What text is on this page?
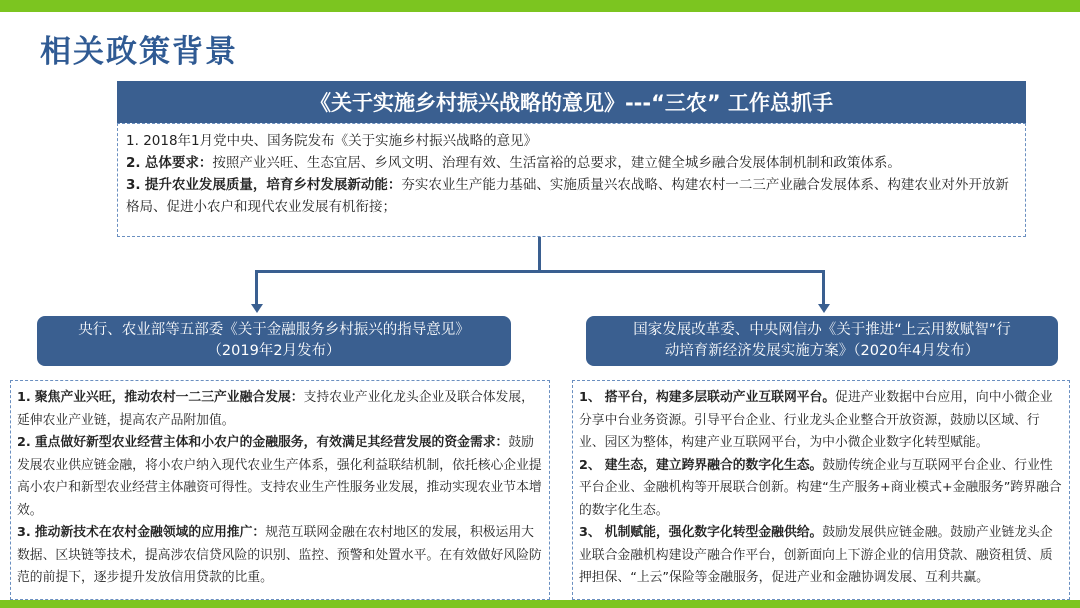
相关政策背景
《关于实施乡村振兴战略的意见》---“三农” 工作总抓手
1. 2018年1月党中央、国务院发布《关于实施乡村振兴战略的意见》
2. 总体要求：按照产业兴旺、生态宜居、乡风文明、治理有效、生活富裕的总要求，建立健全城乡融合发展体制机制和政策体系。
3. 提升农业发展质量，培育乡村发展新动能：夯实农业生产能力基础、实施质量兴农战略、构建农村一二三产业融合发展体系、构建农业对外开放新格局、促进小农户和现代农业发展有机衔接；
央行、农业部等五部委《关于金融服务乡村振兴的指导意见》
（2019年2月发布）
1. 聚焦产业兴旺，推动农村一二三产业融合发展：支持农业产业化龙头企业及联合体发展，延伸农业产业链，提高农产品附加值。
2. 重点做好新型农业经营主体和小农户的金融服务，有效满足其经营发展的资金需求：鼓励发展农业供应链金融，将小农户纳入现代农业生产体系，强化利益联结机制，依托核心企业提高小农户和新型农业经营主体融资可得性。支持农业生产性服务业发展，推动实现农业节本增效。
3. 推动新技术在农村金融领域的应用推广：规范互联网金融在农村地区的发展，积极运用大数据、区块链等技术，提高涉农信贷风险的识别、监控、预警和处置水平。在有效做好风险防范的前提下，逐步提升发放信用贷款的比重。
国家发展改革委、中央网信办《关于推进“上云用数赋智”行
动培育新经济发展实施方案》（2020年4月发布）
1、 搭平台，构建多层联动产业互联网平台。促进产业数据中台应用，向中小微企业分享中台业务资源。引导平台企业、行业龙头企业整合开放资源，鼓励以区域、行业、园区为整体，构建产业互联网平台，为中小微企业数字化转型赋能。
2、 建生态，建立跨界融合的数字化生态。鼓励传统企业与互联网平台企业、行业性平台企业、金融机构等开展联合创新。构建“生产服务+商业模式+金融服务”跨界融合的数字化生态。
3、 机制赋能，强化数字化转型金融供给。鼓励发展供应链金融。鼓励产业链龙头企业联合金融机构建设产融合作平台，创新面向上下游企业的信用贷款、融资租赁、质押担保、“上云”保险等金融服务，促进产业和金融协调发展、互利共赢。
